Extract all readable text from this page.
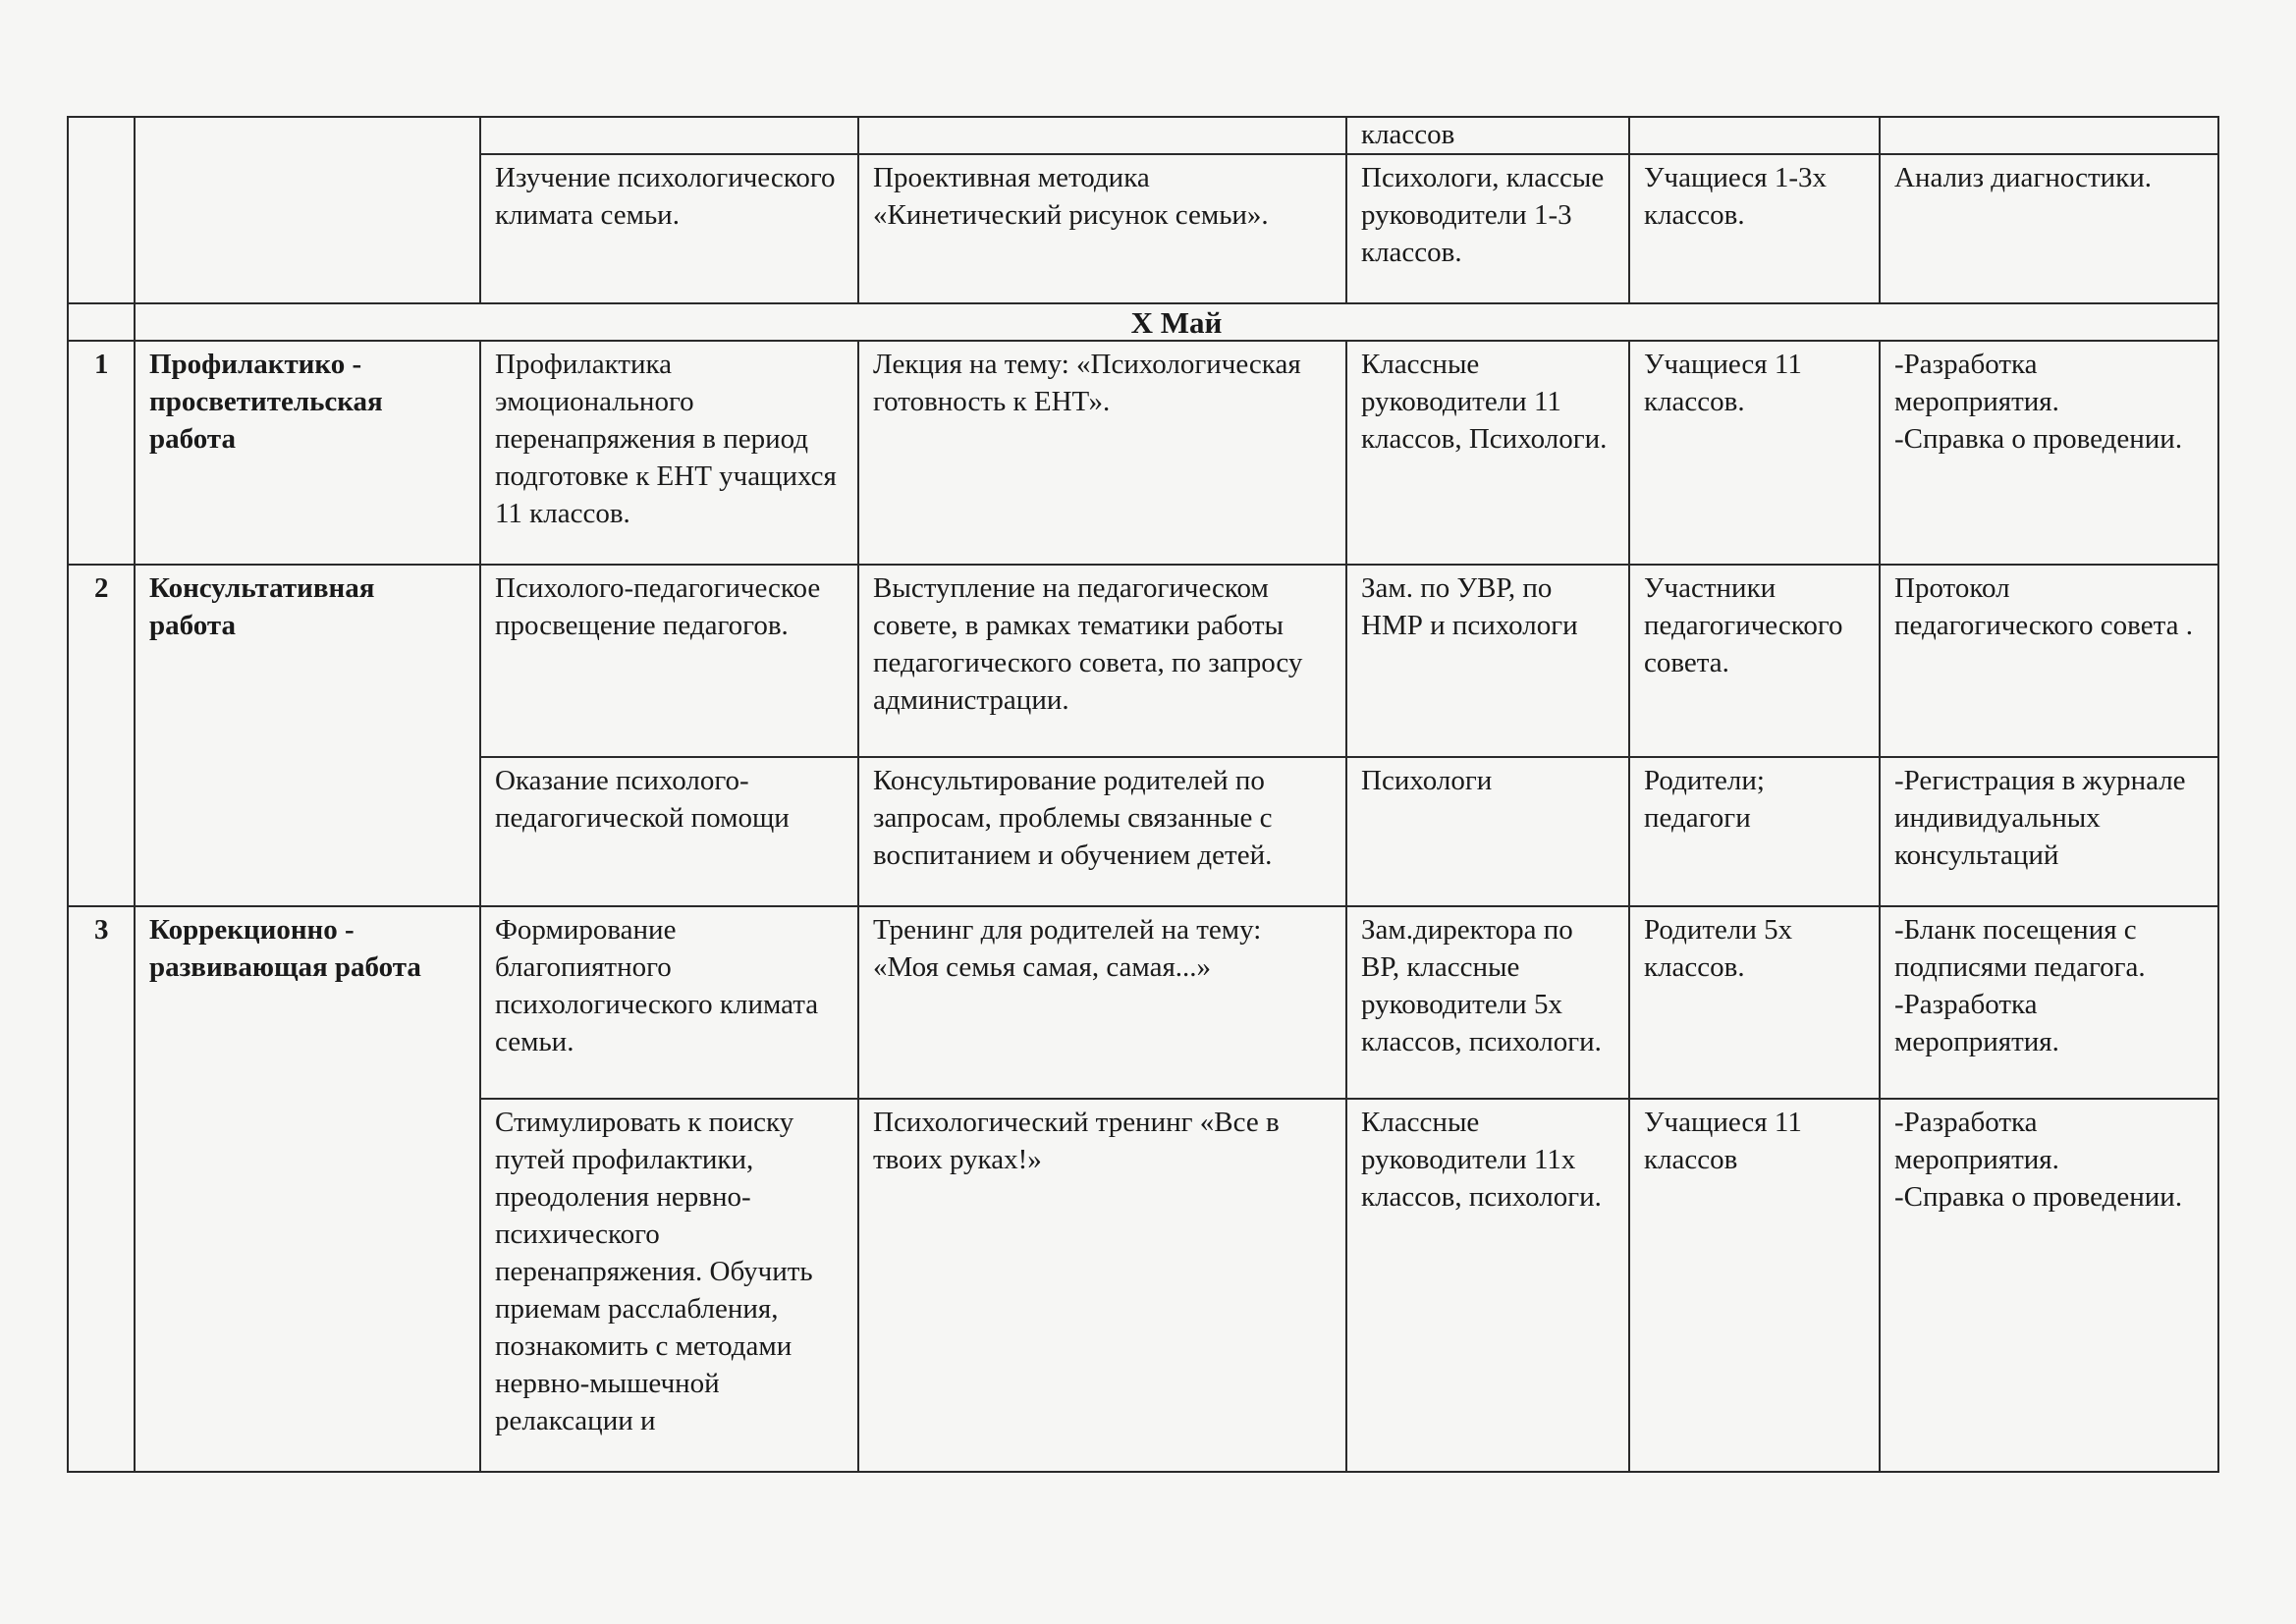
				классов		

		Изучение психологического климата семьи.	Проективная методика «Кинетический рисунок семьи».	Психологи, классые руководители 1-3 классов.	Учащиеся 1-3х классов.	Анализ диагностики.

	Х Май					
1	Профилактико - просветительская работа	Профилактика эмоционального перенапряжения в период подготовке к ЕНТ учащихся 11 классов.	Лекция на тему: «Психологическая готовность к ЕНТ».	Классные руководители 11 классов, Психологи.	Учащиеся 11 классов.	-Разработка мероприятия.
-Справка о проведении.

2	Консультативная работа	Психолого-педагогическое просвещение педагогов.	Выступление на педагогическом совете, в рамках тематики работы педагогического совета, по запросу администрации.	Зам. по УВР, по НМР и психологи	Участники педагогического совета.	Протокол педагогического совета .

		Оказание психолого-педагогической помощи	Консультирование родителей по запросам, проблемы связанные с воспитанием и обучением детей.	Психологи	Родители; педагоги	-Регистрация в журнале индивидуальных консультаций

3	Коррекционно - развивающая работа	Формирование благопиятного психологического климата семьи.	Тренинг для родителей на тему: «Моя семья самая, самая...»	Зам.директора по ВР, классные руководители 5х классов, психологи.	Родители 5х классов.	-Бланк посещения с подписями педагога.
-Разработка мероприятия.

		Стимулировать к поиску путей профилактики, преодоления нервно-психического перенапряжения. Обучить приемам расслабления, познакомить с методами нервно-мышечной релаксации и	Психологический тренинг «Все в твоих руках!»	Классные руководители 11х классов, психологи.	Учащиеся 11 классов	-Разработка мероприятия.
-Справка о проведении.
